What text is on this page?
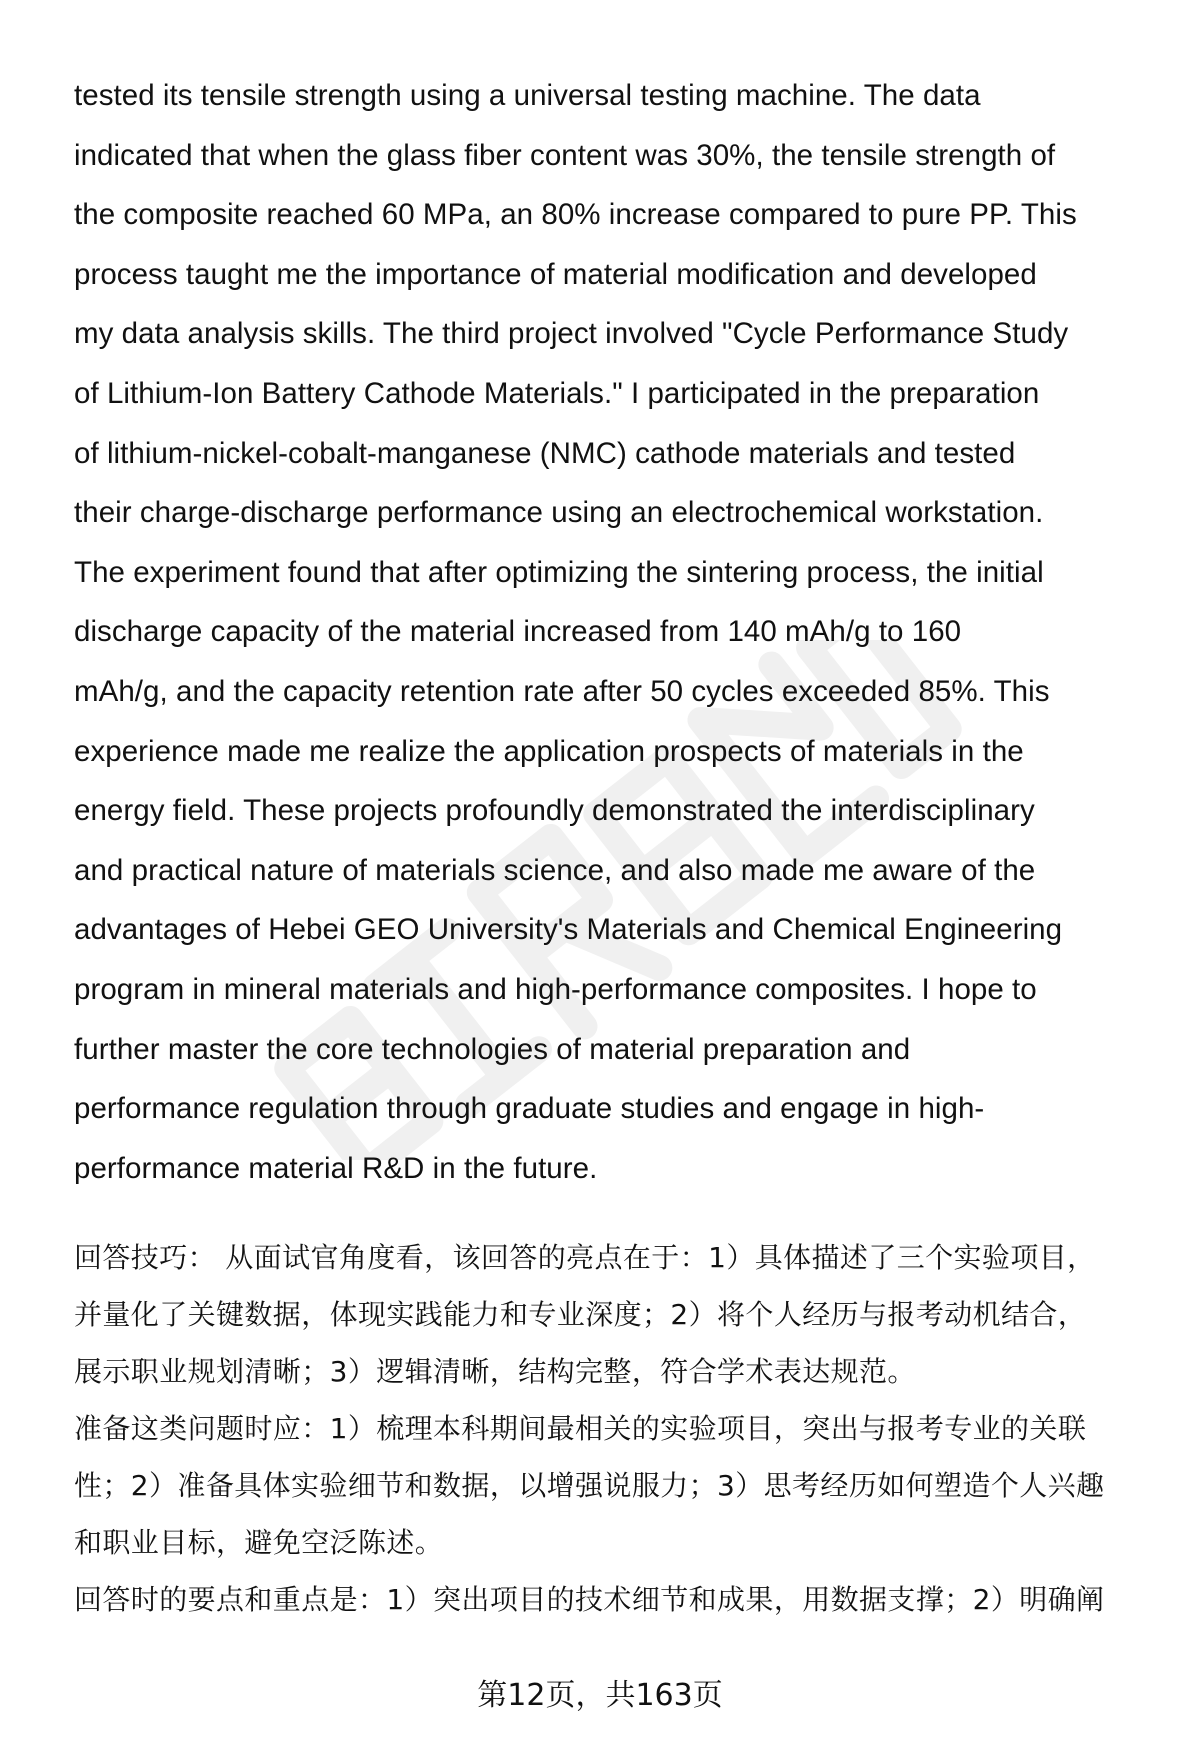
tested its tensile strength using a universal testing machine. The data
indicated that when the glass fiber content was 30%, the tensile strength of
the composite reached 60 MPa, an 80% increase compared to pure PP. This
process taught me the importance of material modification and developed
my data analysis skills. The third project involved "Cycle Performance Study
of Lithium-Ion Battery Cathode Materials." I participated in the preparation
of lithium-nickel-cobalt-manganese (NMC) cathode materials and tested
their charge-discharge performance using an electrochemical workstation.
The experiment found that after optimizing the sintering process, the initial
discharge capacity of the material increased from 140 mAh/g to 160
mAh/g, and the capacity retention rate after 50 cycles exceeded 85%. This
experience made me realize the application prospects of materials in the
energy field. These projects profoundly demonstrated the interdisciplinary
and practical nature of materials science, and also made me aware of the
advantages of Hebei GEO University's Materials and Chemical Engineering
program in mineral materials and high-performance composites. I hope to
further master the core technologies of material preparation and
performance regulation through graduate studies and engage in high-
performance material R&D in the future.
回答技巧： 从面试官角度看，该回答的亮点在于：1）具体描述了三个实验项目，
并量化了关键数据，体现实践能力和专业深度；2）将个人经历与报考动机结合，
展示职业规划清晰；3）逻辑清晰，结构完整，符合学术表达规范。
准备这类问题时应：1）梳理本科期间最相关的实验项目，突出与报考专业的关联
性；2）准备具体实验细节和数据，以增强说服力；3）思考经历如何塑造个人兴趣
和职业目标，避免空泛陈述。
回答时的要点和重点是：1）突出项目的技术细节和成果，用数据支撑；2）明确阐
第12页，共163页
